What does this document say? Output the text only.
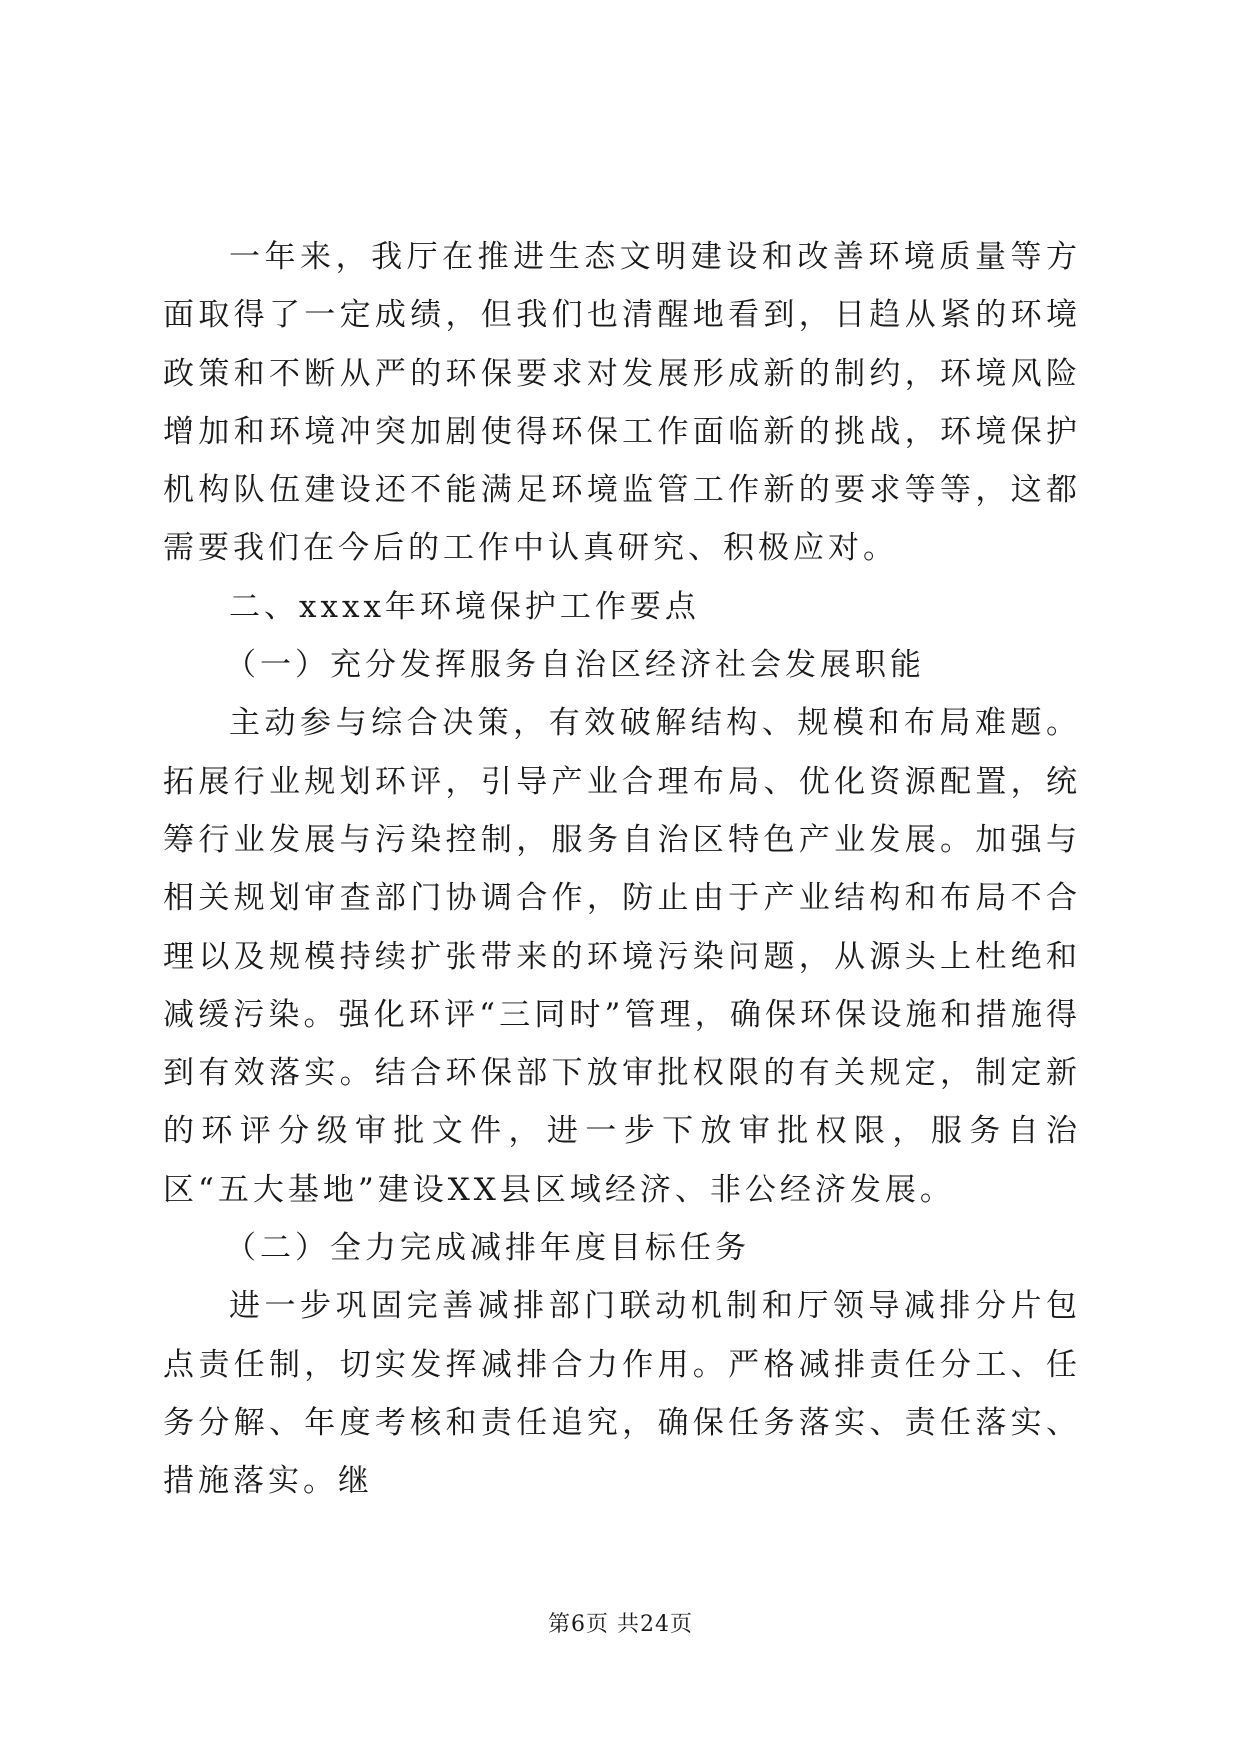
一年来，我厅在推进生态文明建设和改善环境质量等方面取得了一定成绩，但我们也清醒地看到，日趋从紧的环境政策和不断从严的环保要求对发展形成新的制约，环境风险增加和环境冲突加剧使得环保工作面临新的挑战，环境保护机构队伍建设还不能满足环境监管工作新的要求等等，这都需要我们在今后的工作中认真研究、积极应对。

二、xxxx年环境保护工作要点

（一）充分发挥服务自治区经济社会发展职能

主动参与综合决策，有效破解结构、规模和布局难题。拓展行业规划环评，引导产业合理布局、优化资源配置，统筹行业发展与污染控制，服务自治区特色产业发展。加强与相关规划审查部门协调合作，防止由于产业结构和布局不合理以及规模持续扩张带来的环境污染问题，从源头上杜绝和减缓污染。强化环评“三同时”管理，确保环保设施和措施得到有效落实。结合环保部下放审批权限的有关规定，制定新的环评分级审批文件，进一步下放审批权限，服务自治区“五大基地”建设XX县区域经济、非公经济发展。

（二）全力完成减排年度目标任务

进一步巩固完善减排部门联动机制和厅领导减排分片包点责任制，切实发挥减排合力作用。严格减排责任分工、任务分解、年度考核和责任追究，确保任务落实、责任落实、措施落实。继

第6页 共24页
